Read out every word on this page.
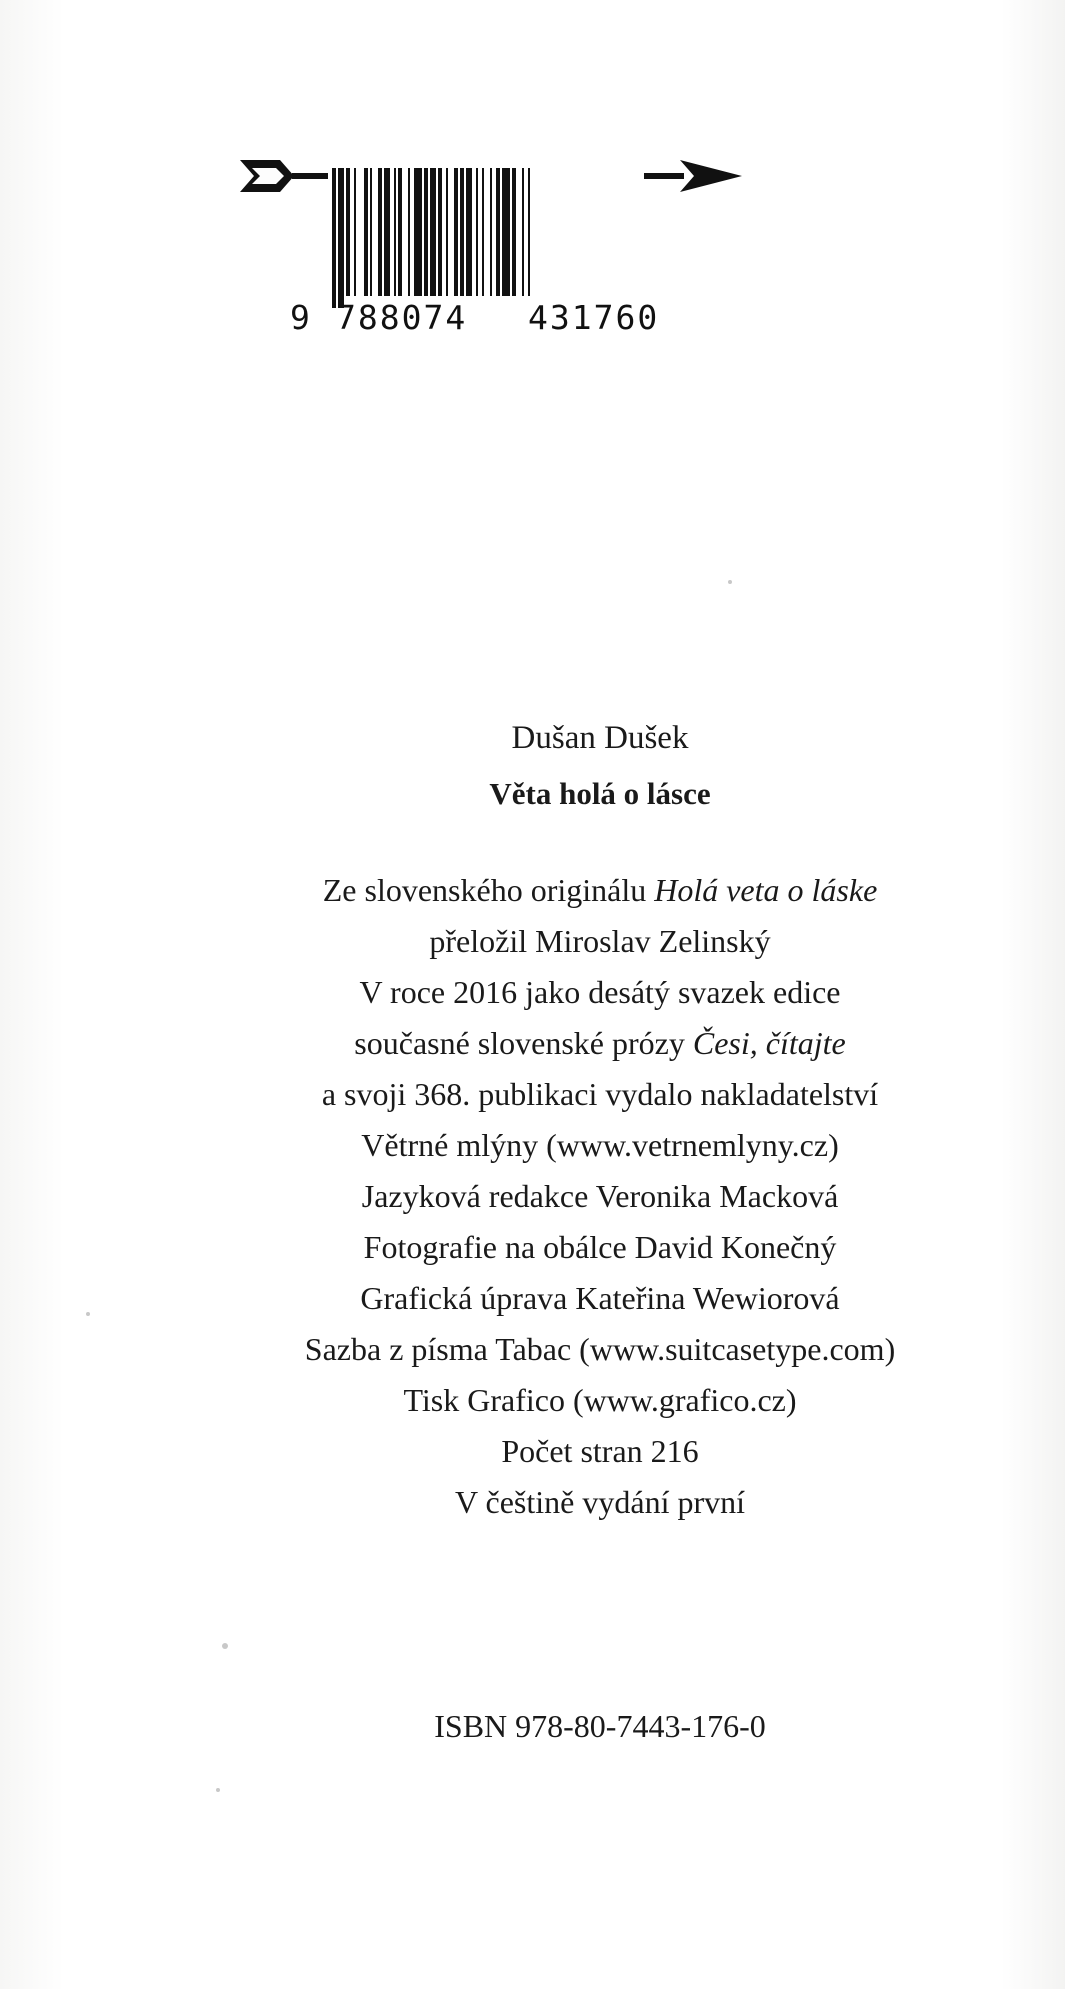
9 788074 431760
Dušan Dušek
Věta holá o lásce
Ze slovenského originálu Holá veta o láske
přeložil Miroslav Zelinský
V roce 2016 jako desátý svazek edice
současné slovenské prózy Česi, čítajte
a svoji 368. publikaci vydalo nakladatelství
Větrné mlýny (www.vetrnemlyny.cz)
Jazyková redakce Veronika Macková
Fotografie na obálce David Konečný
Grafická úprava Kateřina Wewiorová
Sazba z písma Tabac (www.suitcasetype.com)
Tisk Grafico (www.grafico.cz)
Počet stran 216
V češtině vydání první
ISBN 978-80-7443-176-0
